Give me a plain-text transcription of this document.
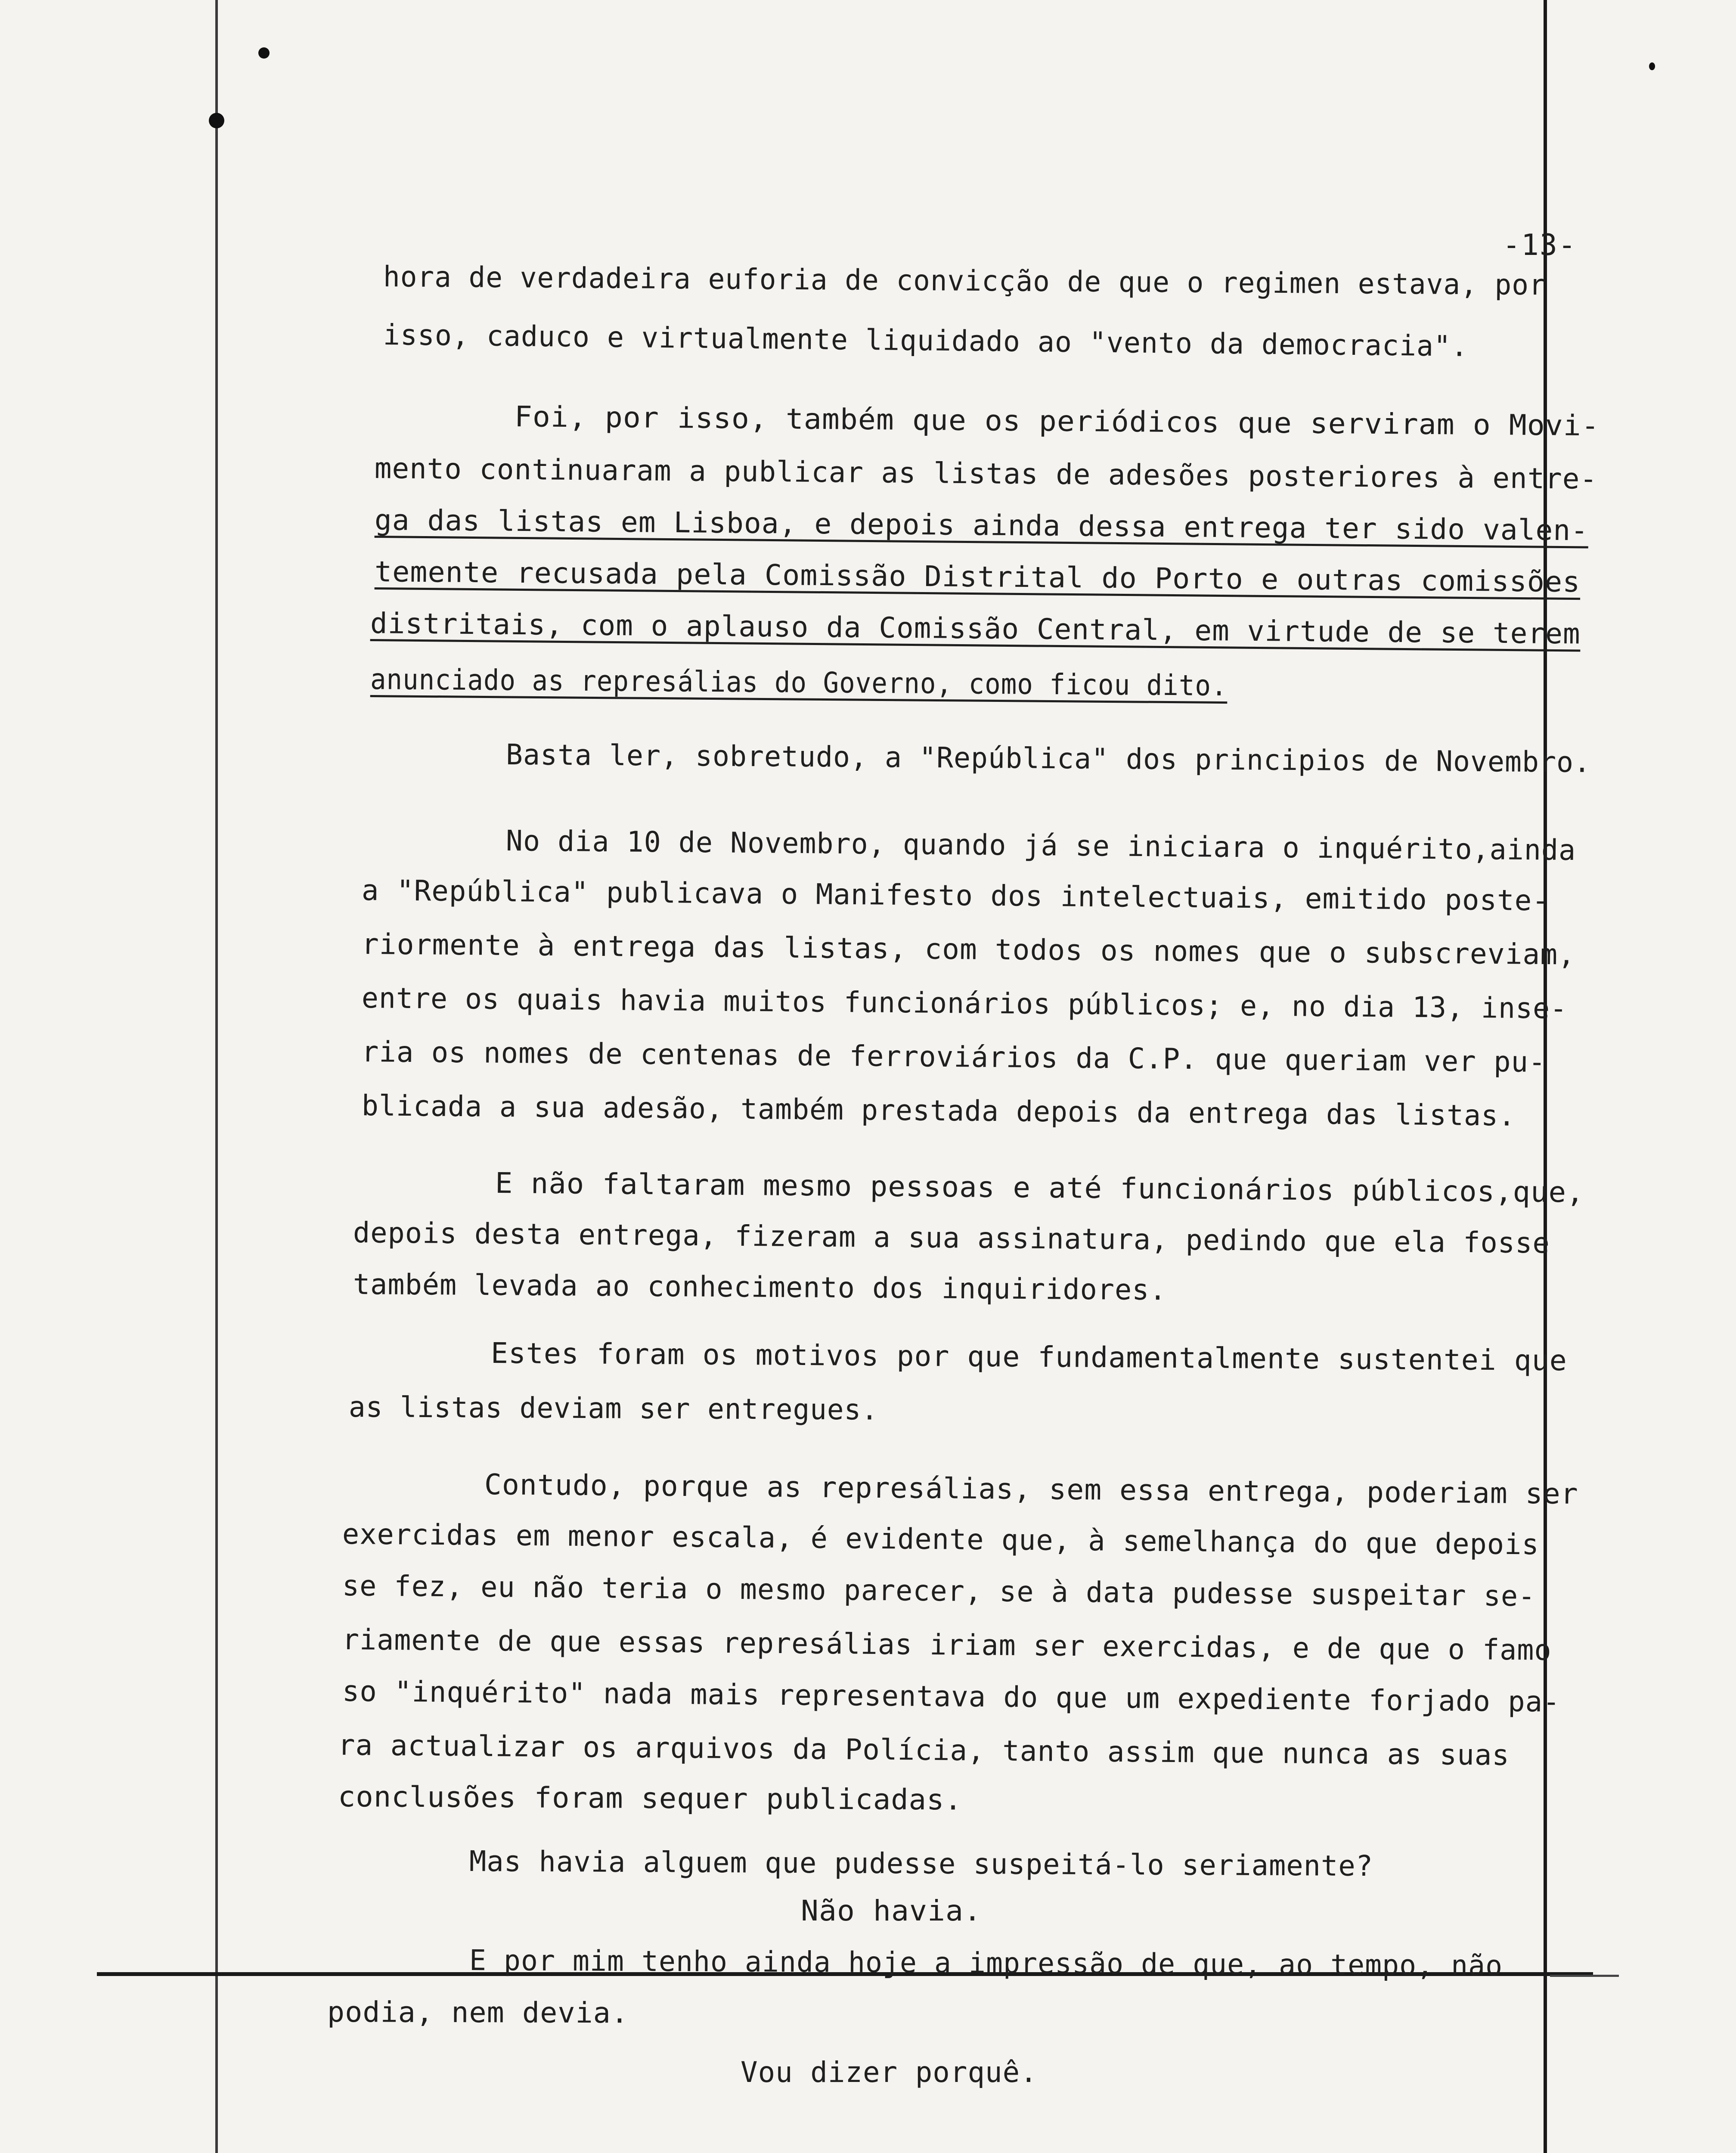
-13-
hora de verdadeira euforia de convicção de que o regimen estava, por
isso, caduco e virtualmente liquidado ao "vento da democracia".
Foi, por isso, também que os periódicos que serviram o Movi-
mento continuaram a publicar as listas de adesões posteriores à entre-
ga das listas em Lisboa, e depois ainda dessa entrega ter sido valen-
temente recusada pela Comissão Distrital do Porto e outras comissões
distritais, com o aplauso da Comissão Central, em virtude de se terem
anunciado as represálias do Governo, como ficou dito.
Basta ler, sobretudo, a "República" dos principios de Novembro.
No dia 10 de Novembro, quando já se iniciara o inquérito,ainda
a "República" publicava o Manifesto dos intelectuais, emitido poste-
riormente à entrega das listas, com todos os nomes que o subscreviam,
entre os quais havia muitos funcionários públicos; e, no dia 13, inse-
ria os nomes de centenas de ferroviários da C.P. que queriam ver pu-
blicada a sua adesão, também prestada depois da entrega das listas.
E não faltaram mesmo pessoas e até funcionários públicos,que,
depois desta entrega, fizeram a sua assinatura, pedindo que ela fosse
também levada ao conhecimento dos inquiridores.
Estes foram os motivos por que fundamentalmente sustentei que
as listas deviam ser entregues.
Contudo, porque as represálias, sem essa entrega, poderiam ser
exercidas em menor escala, é evidente que, à semelhança do que depois
se fez, eu não teria o mesmo parecer, se à data pudesse suspeitar se-
riamente de que essas represálias iriam ser exercidas, e de que o famo
so "inquérito" nada mais representava do que um expediente forjado pa-
ra actualizar os arquivos da Polícia, tanto assim que nunca as suas
conclusões foram sequer publicadas.
Mas havia alguem que pudesse suspeitá-lo seriamente?
Não havia.
E por mim tenho ainda hoje a impressão de que, ao tempo, não
podia, nem devia.
Vou dizer porquê.
